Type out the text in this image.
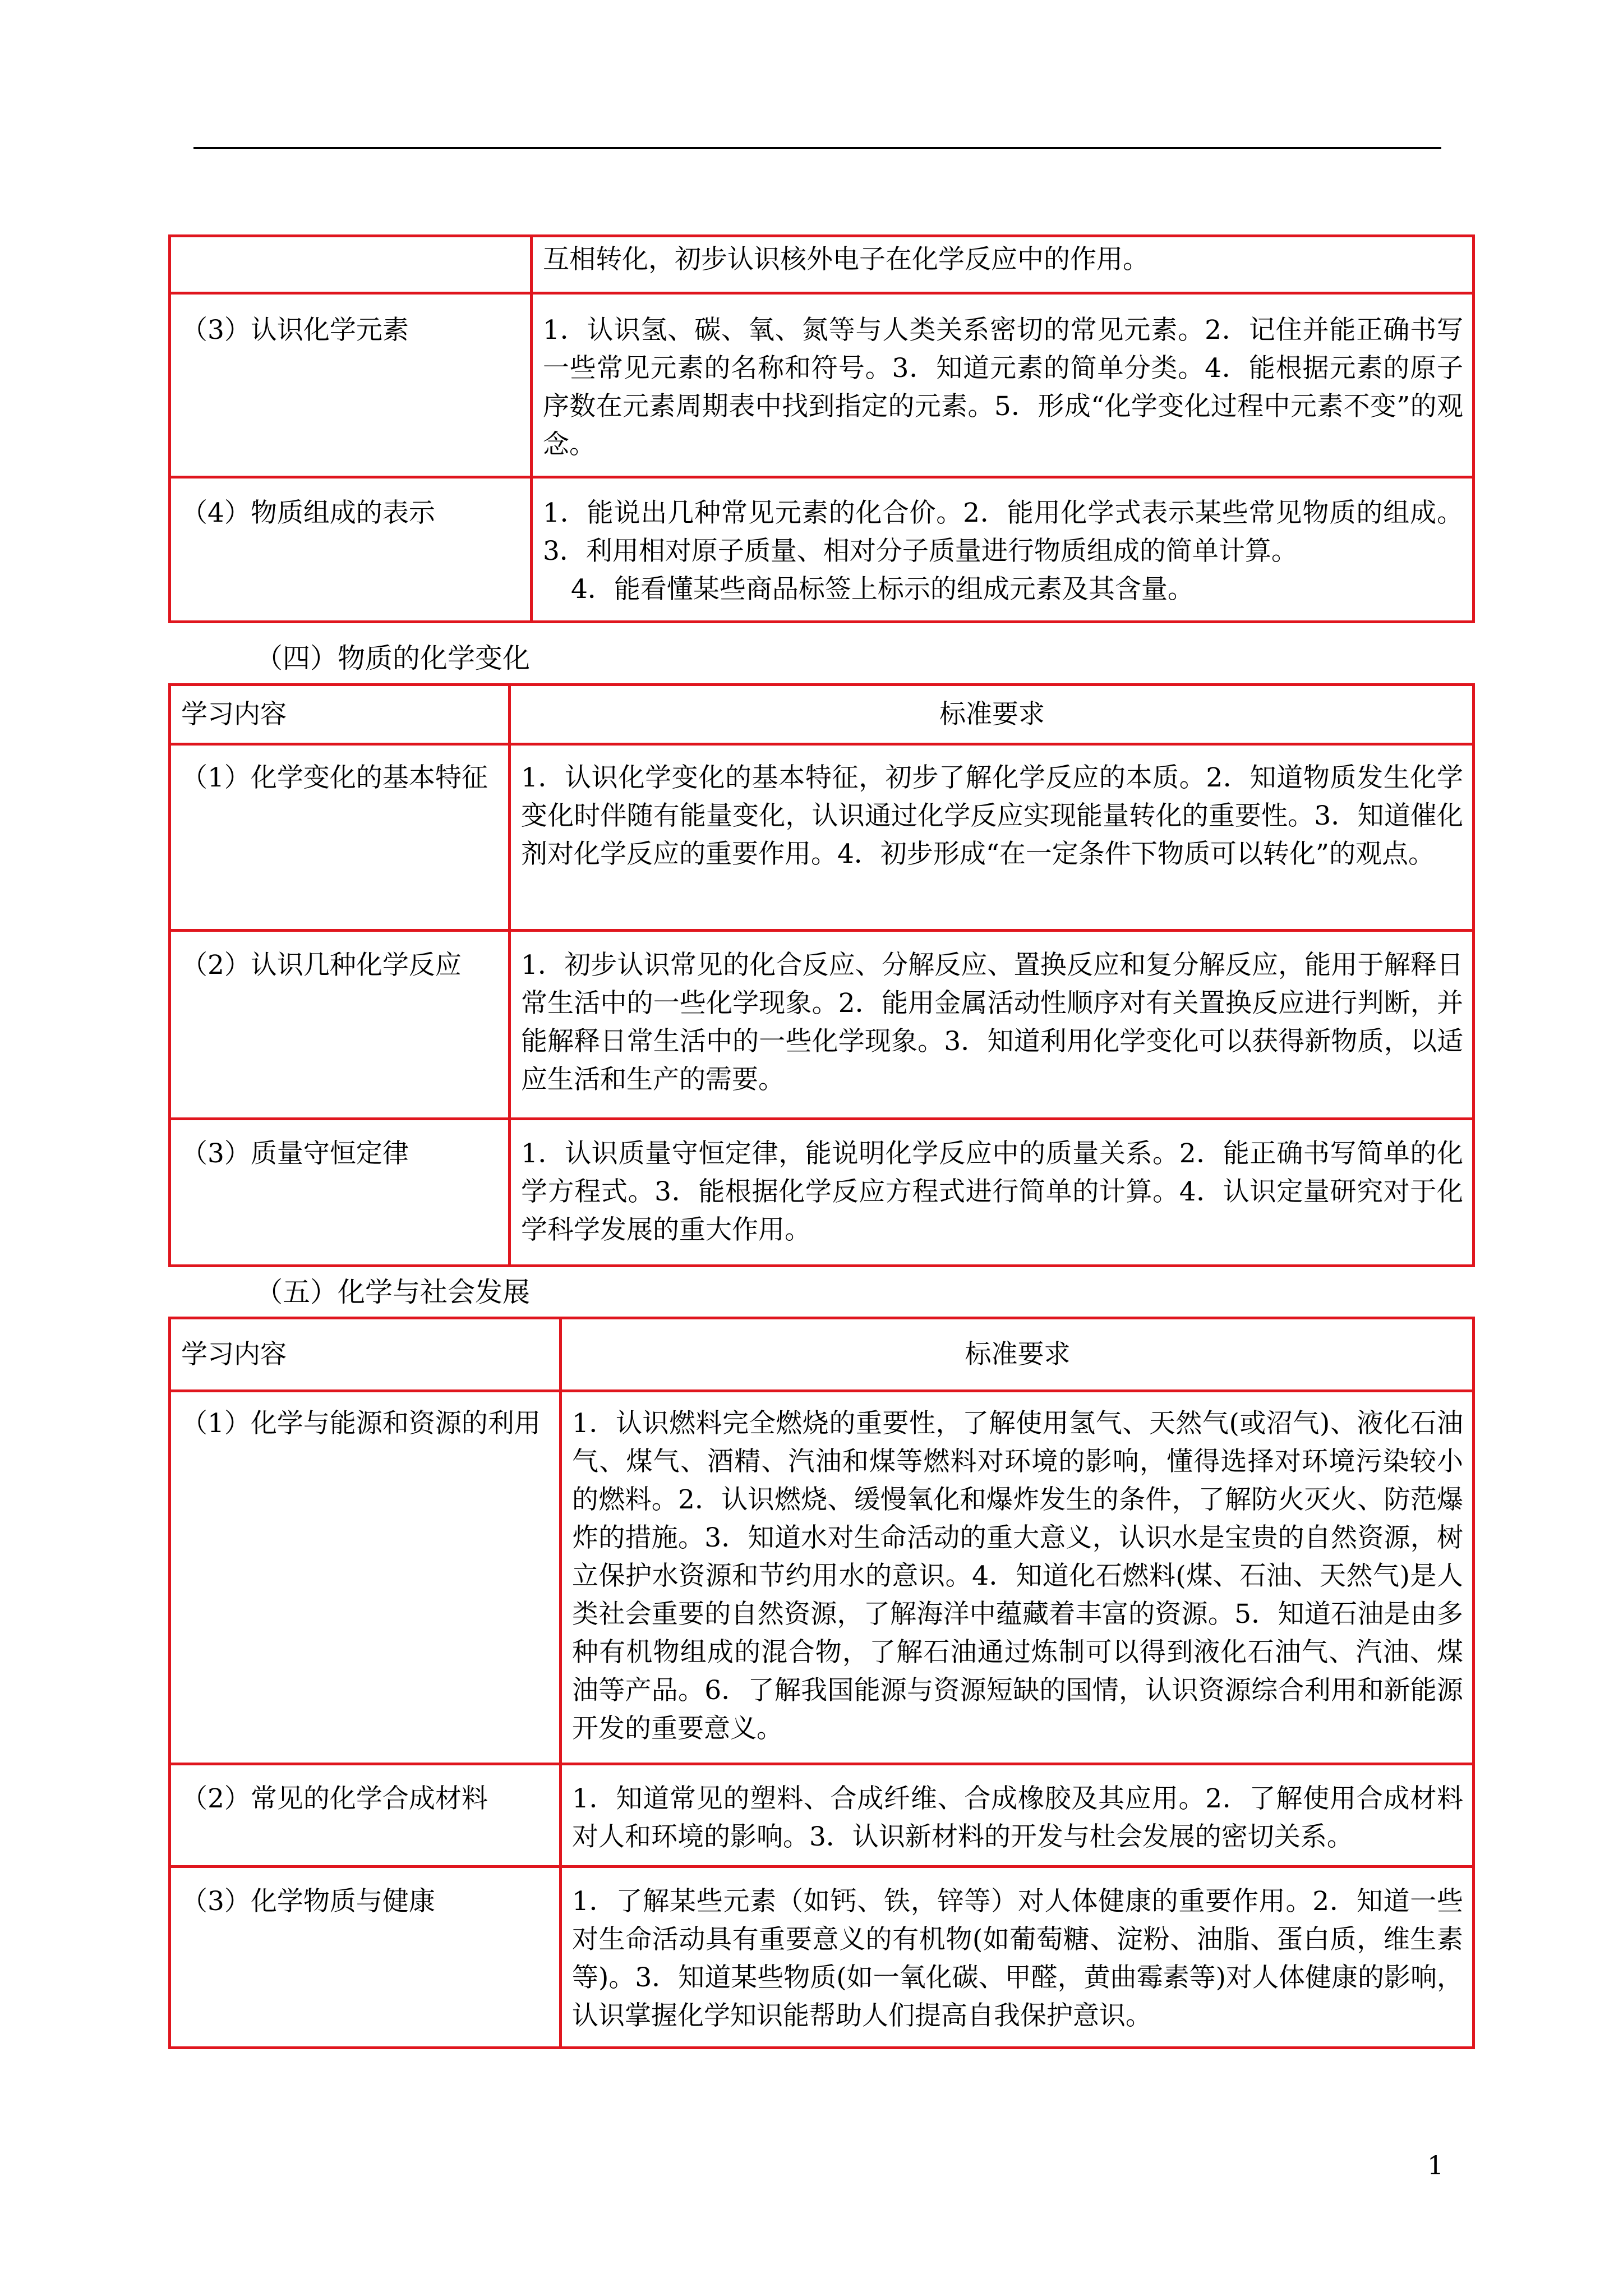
	互相转化，初步认识核外电子在化学反应中的作用。
（3）认识化学元素	1．认识氢、碳、氧、氮等与人类关系密切的常见元素。2．记住并能正确书写一些常见元素的名称和符号。3．知道元素的简单分类。4．能根据元素的原子序数在元素周期表中找到指定的元素。5．形成“化学变化过程中元素不变”的观念。
（4）物质组成的表示	1．能说出几种常见元素的化合价。2．能用化学式表示某些常见物质的组成。3．利用相对原子质量、相对分子质量进行物质组成的简单计算。
4．能看懂某些商品标签上标示的组成元素及其含量。
（四）物质的化学变化
学习内容	标准要求
（1）化学变化的基本特征	1．认识化学变化的基本特征，初步了解化学反应的本质。2．知道物质发生化学变化时伴随有能量变化，认识通过化学反应实现能量转化的重要性。3．知道催化剂对化学反应的重要作用。4．初步形成“在一定条件下物质可以转化”的观点。
（2）认识几种化学反应	1．初步认识常见的化合反应、分解反应、置换反应和复分解反应，能用于解释日常生活中的一些化学现象。2．能用金属活动性顺序对有关置换反应进行判断，并能解释日常生活中的一些化学现象。3．知道利用化学变化可以获得新物质，以适应生活和生产的需要。
（3）质量守恒定律	1．认识质量守恒定律，能说明化学反应中的质量关系。2．能正确书写简单的化学方程式。3．能根据化学反应方程式进行简单的计算。4．认识定量研究对于化学科学发展的重大作用。
（五）化学与社会发展
学习内容	标准要求
（1）化学与能源和资源的利用	1．认识燃料完全燃烧的重要性，了解使用氢气、天然气(或沼气)、液化石油气、煤气、酒精、汽油和煤等燃料对环境的影响，懂得选择对环境污染较小的燃料。2．认识燃烧、缓慢氧化和爆炸发生的条件，了解防火灭火、防范爆炸的措施。3．知道水对生命活动的重大意义，认识水是宝贵的自然资源，树立保护水资源和节约用水的意识。4．知道化石燃料(煤、石油、天然气)是人类社会重要的自然资源，了解海洋中蕴藏着丰富的资源。5．知道石油是由多种有机物组成的混合物，了解石油通过炼制可以得到液化石油气、汽油、煤油等产品。6．了解我国能源与资源短缺的国情，认识资源综合利用和新能源开发的重要意义。
（2）常见的化学合成材料	1．知道常见的塑料、合成纤维、合成橡胶及其应用。2．了解使用合成材料对人和环境的影响。3．认识新材料的开发与杜会发展的密切关系。
（3）化学物质与健康	1．了解某些元素（如钙、铁，锌等）对人体健康的重要作用。2．知道一些对生命活动具有重要意义的有机物(如葡萄糖、淀粉、油脂、蛋白质，维生素等)。3．知道某些物质(如一氧化碳、甲醛，黄曲霉素等)对人体健康的影响，认识掌握化学知识能帮助人们提高自我保护意识。
1
